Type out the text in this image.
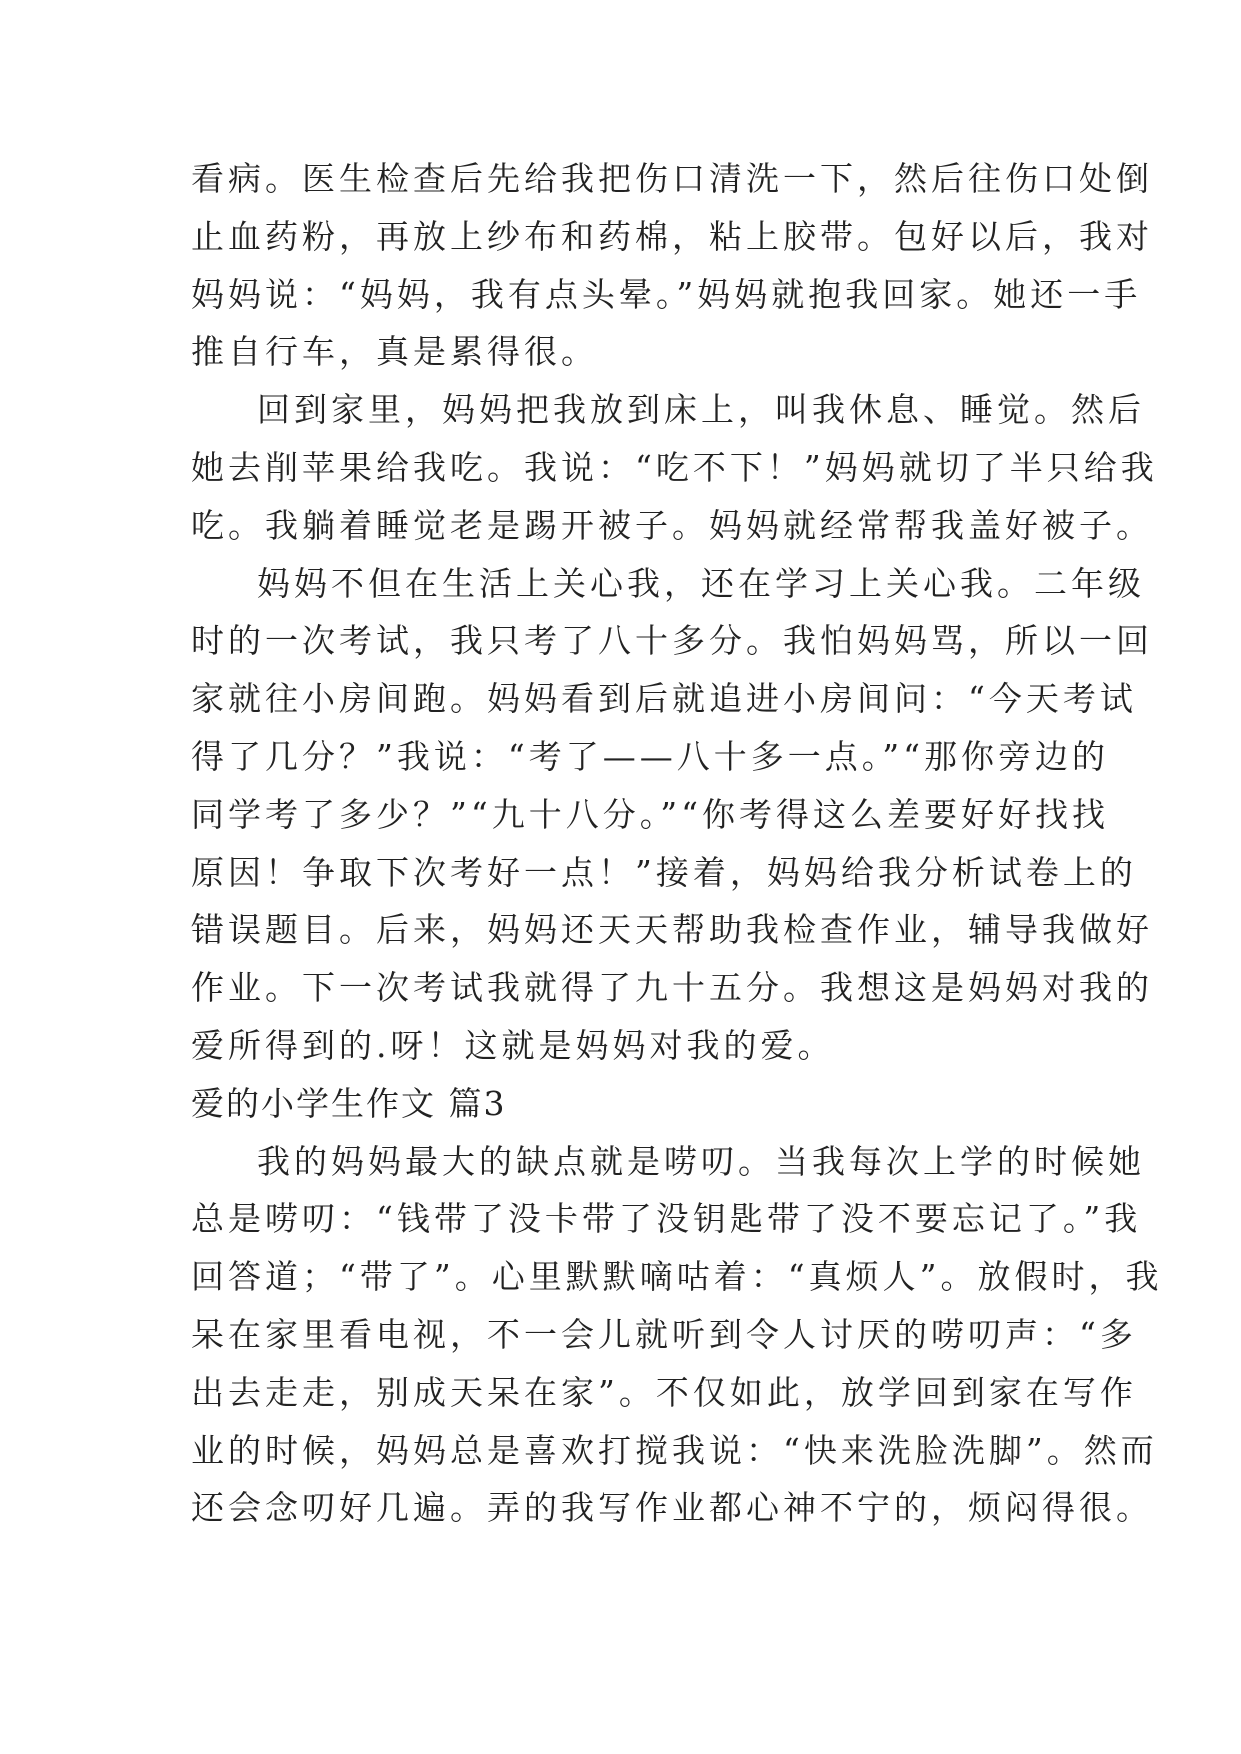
看病。医生检查后先给我把伤口清洗一下，然后往伤口处倒
止血药粉，再放上纱布和药棉，粘上胶带。包好以后，我对
妈妈说：“妈妈，我有点头晕。”妈妈就抱我回家。她还一手
推自行车，真是累得很。
回到家里，妈妈把我放到床上，叫我休息、睡觉。然后
她去削苹果给我吃。我说：“吃不下！”妈妈就切了半只给我
吃。我躺着睡觉老是踢开被子。妈妈就经常帮我盖好被子。
妈妈不但在生活上关心我，还在学习上关心我。二年级
时的一次考试，我只考了八十多分。我怕妈妈骂，所以一回
家就往小房间跑。妈妈看到后就追进小房间问：“今天考试
得了几分？”我说：“考了——八十多一点。”“那你旁边的
同学考了多少？”“九十八分。”“你考得这么差要好好找找
原因！争取下次考好一点！”接着，妈妈给我分析试卷上的
错误题目。后来，妈妈还天天帮助我检查作业，辅导我做好
作业。下一次考试我就得了九十五分。我想这是妈妈对我的
爱所得到的.呀！这就是妈妈对我的爱。
爱的小学生作文 篇3
我的妈妈最大的缺点就是唠叨。当我每次上学的时候她
总是唠叨：“钱带了没卡带了没钥匙带了没不要忘记了。”我
回答道；“带了”。心里默默嘀咕着：“真烦人”。放假时，我
呆在家里看电视，不一会儿就听到令人讨厌的唠叨声：“多
出去走走，别成天呆在家”。不仅如此，放学回到家在写作
业的时候，妈妈总是喜欢打搅我说：“快来洗脸洗脚”。然而
还会念叨好几遍。弄的我写作业都心神不宁的，烦闷得很。
